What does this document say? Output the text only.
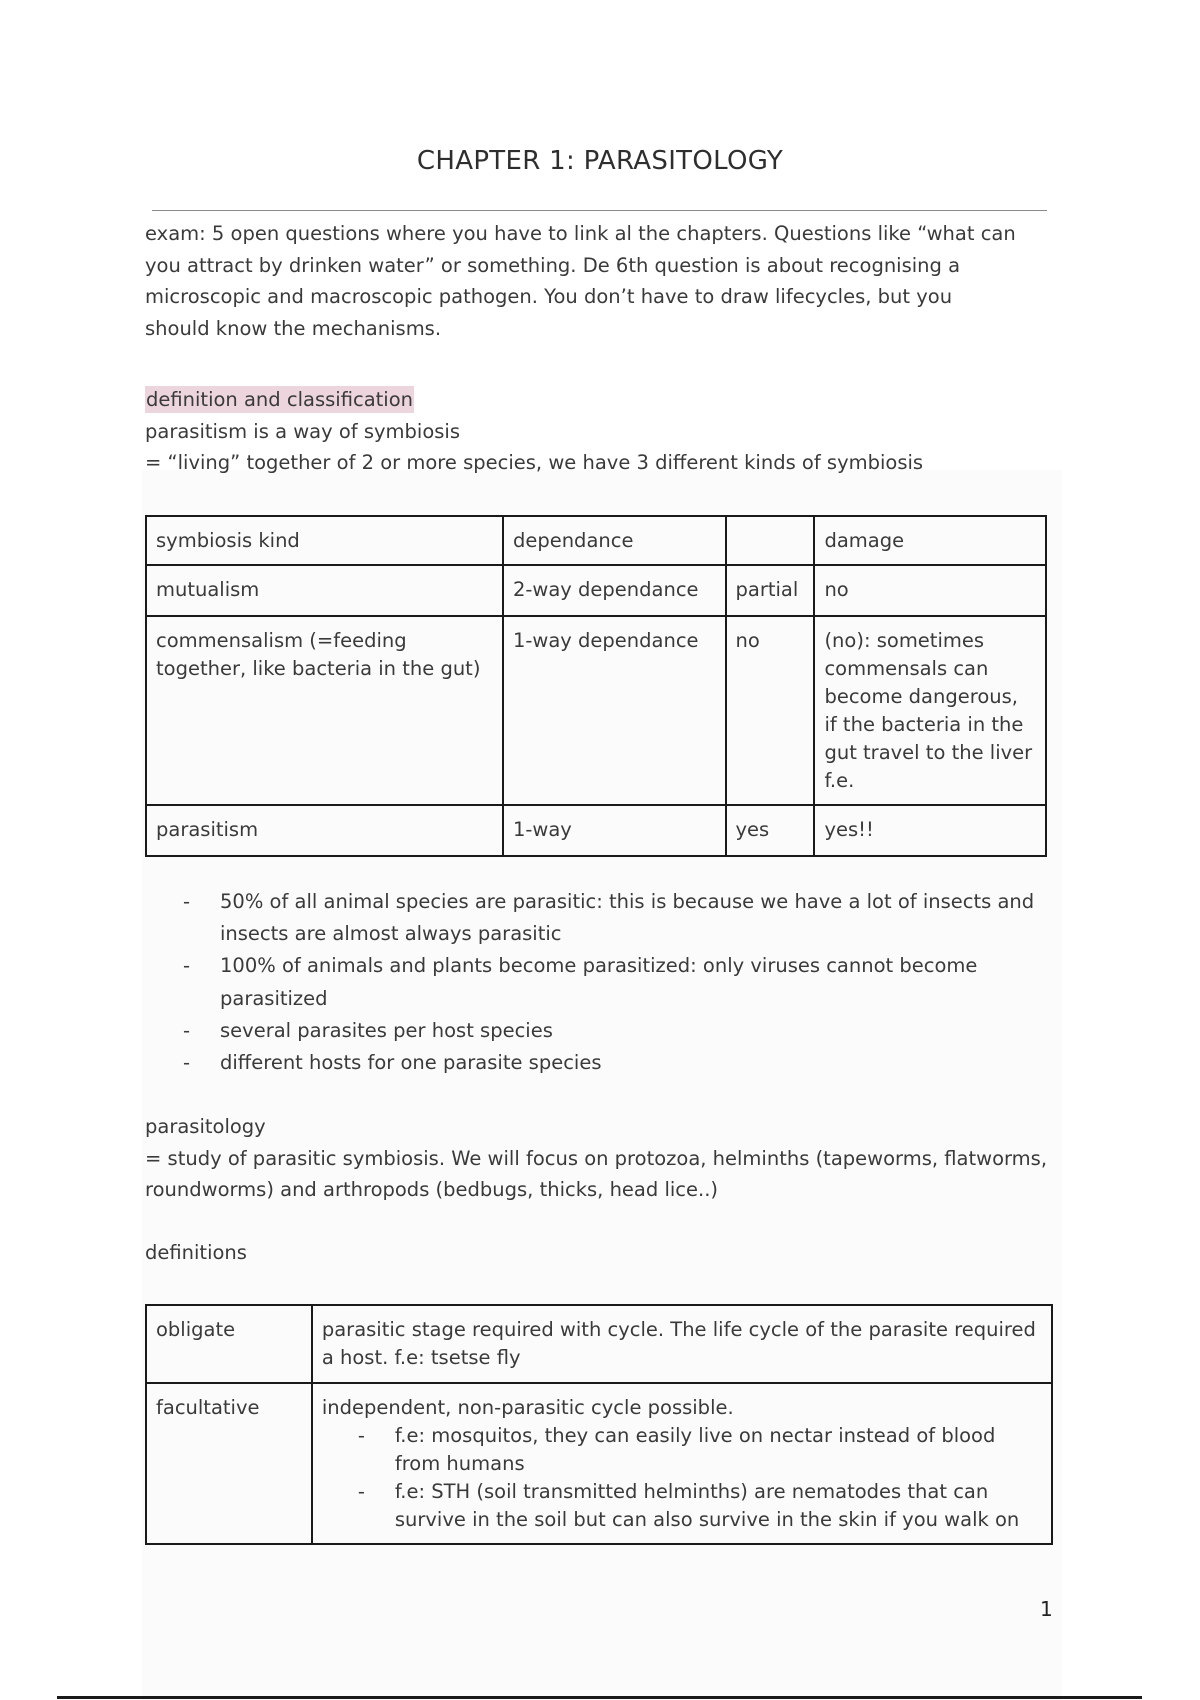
CHAPTER 1: PARASITOLOGY
exam: 5 open questions where you have to link al the chapters. Questions like “what can
you attract by drinken water” or something. De 6th question is about recognising a
microscopic and macroscopic pathogen. You don’t have to draw lifecycles, but you
should know the mechanisms.
definition and classification
parasitism is a way of symbiosis
= “living” together of 2 or more species, we have 3 different kinds of symbiosis
symbiosis kind	dependance		damage
mutualism	2-way dependance	partial	no
commensalism (=feeding together, like bacteria in the gut)	1-way dependance	no	(no): sometimes commensals can become dangerous, if the bacteria in the gut travel to the liver f.e.
parasitism	1-way	yes	yes!!
- 50% of all animal species are parasitic: this is because we have a lot of insects and insects are almost always parasitic
- 100% of animals and plants become parasitized: only viruses cannot become parasitized
- several parasites per host species
- different hosts for one parasite species
parasitology
= study of parasitic symbiosis. We will focus on protozoa, helminths (tapeworms, flatworms, roundworms) and arthropods (bedbugs, thicks, head lice..)
definitions
obligate	parasitic stage required with cycle. The life cycle of the parasite required a host. f.e: tsetse fly
facultative	independent, non-parasitic cycle possible.
- f.e: mosquitos, they can easily live on nectar instead of blood from humans
- f.e: STH (soil transmitted helminths) are nematodes that can survive in the soil but can also survive in the skin if you walk on
1
